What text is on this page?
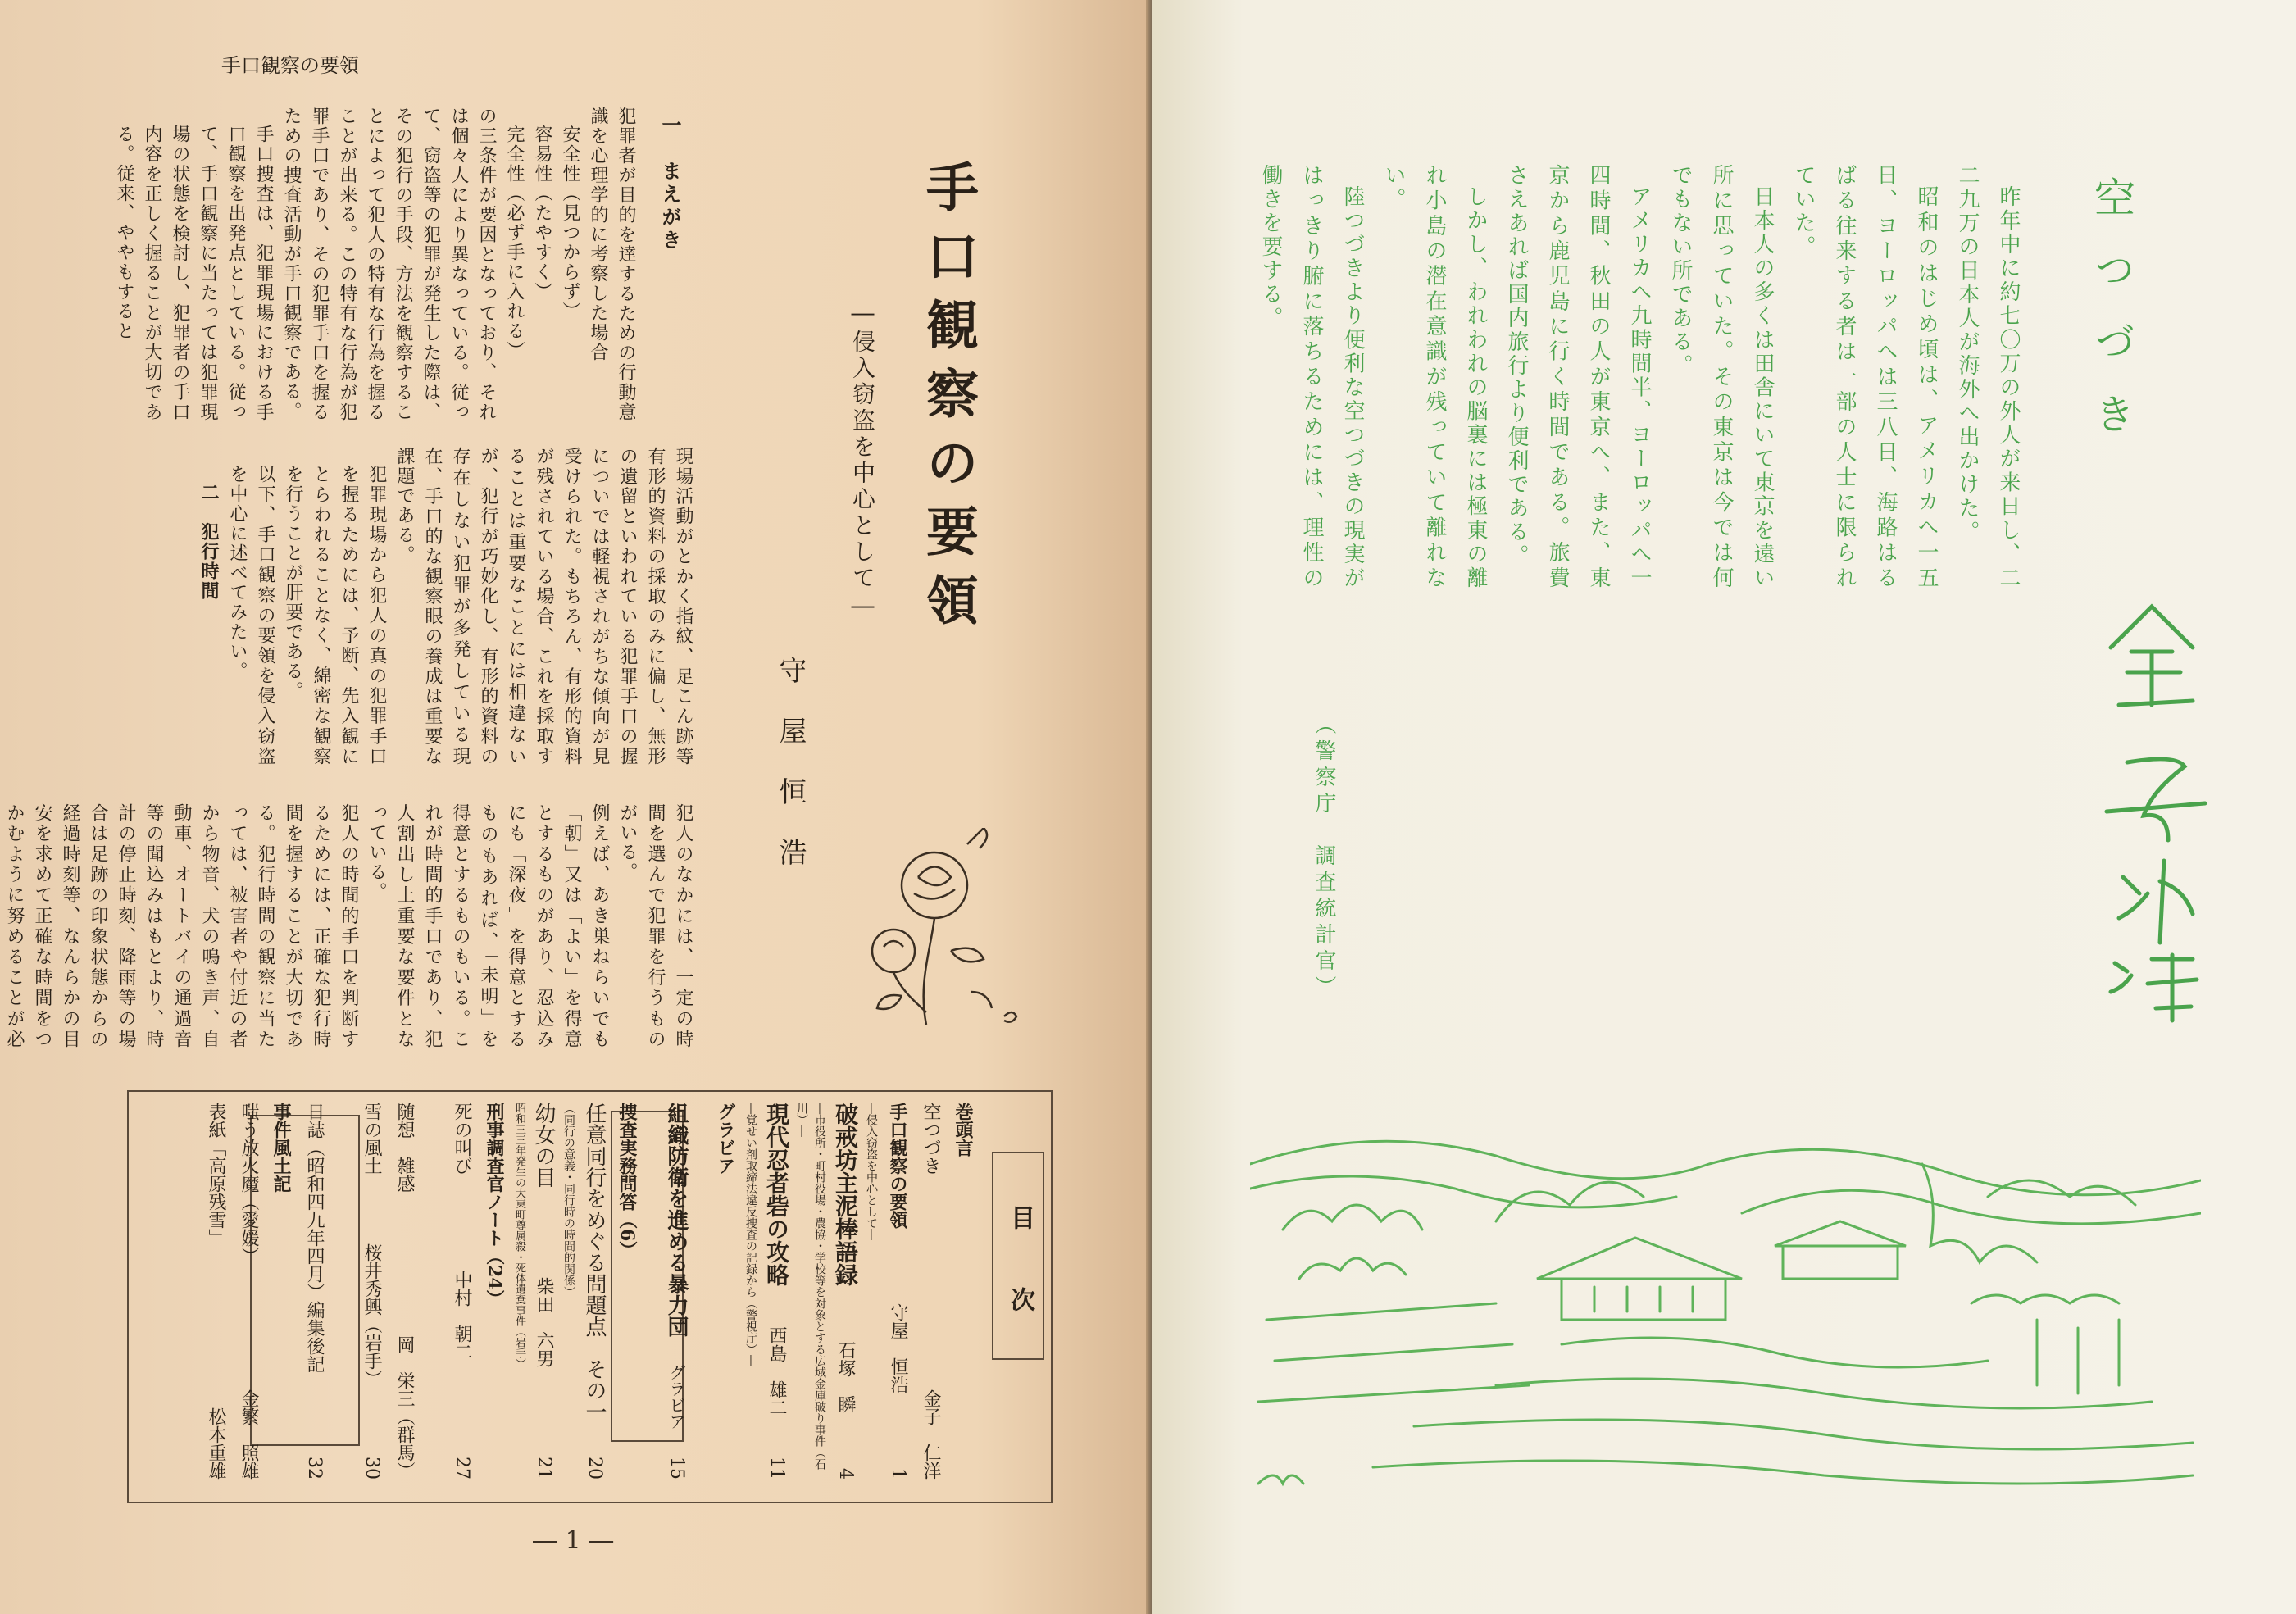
手口観察の要領
手口観察の要領
―侵入窃盗を中心として―
守屋恒浩
一　まえがき

犯罪者が目的を達するための行動意識を心理学的に考察した場合

安全性（見つからず）

容易性（たやすく）

完全性（必ず手に入れる）

の三条件が要因となっており、それは個々人により異なっている。従って、窃盗等の犯罪が発生した際は、その犯行の手段、方法を観察することによって犯人の特有な行為を握ることが出来る。この特有な行為が犯罪手口であり、その犯罪手口を握るための捜査活動が手口観察である。

手口捜査は、犯罪現場における手口観察を出発点としている。従って、手口観察に当たっては犯罪現場の状態を検討し、犯罪者の手口内容を正しく握ることが大切である。従来、ややもすると

現場活動がとかく指紋、足こん跡等有形的資料の採取のみに偏し、無形の遺留といわれている犯罪手口の握についでは軽視されがちな傾向が見受けられた。もちろん、有形的資料が残されている場合、これを採取することは重要なことには相違ないが、犯行が巧妙化し、有形的資料の存在しない犯罪が多発している現在、手口的な観察眼の養成は重要な課題である。

犯罪現場から犯人の真の犯罪手口を握るためには、予断、先入観にとらわれることなく、綿密な観察を行うことが肝要である。

以下、手口観察の要領を侵入窃盗を中心に述べてみたい。

二　犯行時間

犯人のなかには、一定の時間を選んで犯罪を行うものがいる。

例えば、あき巣ねらいでも「朝」又は「よい」を得意とするものがあり、忍込みにも「深夜」を得意とするものもあれば、「未明」を得意とするものもいる。これが時間的手口であり、犯人割出し上重要な要件となっている。

犯人の時間的手口を判断するためには、正確な犯行時間を握することが大切である。犯行時間の観察に当たっては、被害者や付近の者から物音、犬の鳴き声、自動車、オートバイの通過音等の聞込みはもとより、時計の停止時刻、降雨等の場合は足跡の印象状態からの経過時刻等、なんらかの目安を求めて正確な時間をつかむように努めることが必

目　次
巻頭言
空つづき
金子　仁洋
手口観察の要領
守屋　恒浩
1
―侵入窃盗を中心として―
破戒坊主泥棒語録
石塚　瞬
4
―市役所・町村役場・農協・学校等を対象とする広域金庫破り事件（石川）―
現代忍者砦の攻略
西島　雄二
11
―覚せい剤取締法違反捜査の記録から（警視庁）―
グラビア
組織防衛を進める暴力団
グラビア
15
捜査実務問答（6）
任意同行をめぐる問題点　その一
20
（同行の意義・同行時の時間的関係）
幼女の目
柴田　六男
21
昭和三三年発生の大東町尊属殺・死体遺棄事件（岩手）
刑事調査官ノート（24）
死の叫び
中村　朝二
27
随想　雑感
岡　栄三（群馬）
雪の風土
桜井秀興（岩手）
30
日誌（昭和四九年四月）編集後記
32
事件風土記
嗤う放火魔（愛媛）
金繁　照雄
表紙「高原残雪」
松本重雄
― 1 ―
空つづき

昨年中に約七〇万の外人が来日し、二二九万の日本人が海外へ出かけた。

昭和のはじめ頃は、アメリカへ一五日、ヨーロッパへは三八日、海路はるばる往来する者は一部の人士に限られていた。

日本人の多くは田舎にいて東京を遠い所に思っていた。その東京は今では何でもない所である。

アメリカへ九時間半、ヨーロッパへ一四時間、秋田の人が東京へ、また、東京から鹿児島に行く時間である。旅費さえあれば国内旅行より便利である。

しかし、われわれの脳裏には極東の離れ小島の潜在意識が残っていて離れない。

陸つづきより便利な空つづきの現実がはっきり腑に落ちるためには、理性の働きを要する。

（警察庁　調査統計官）
